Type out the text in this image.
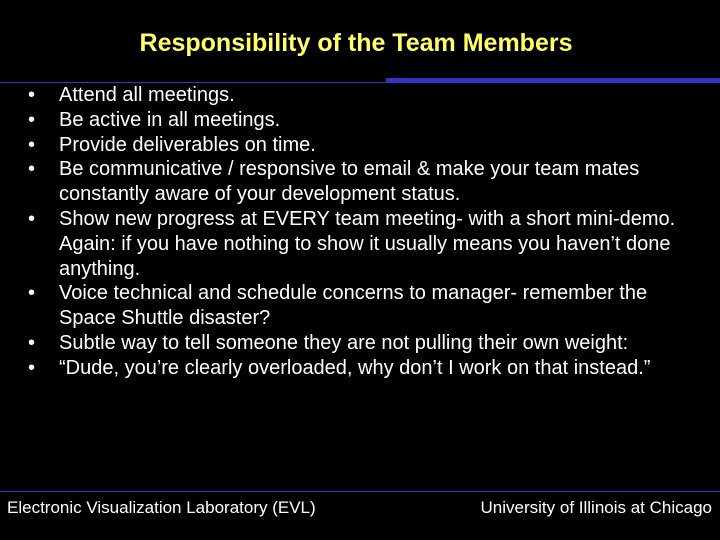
Responsibility of the Team Members
• Attend all meetings.
• Be active in all meetings.
• Provide deliverables on time.
• Be communicative / responsive to email & make your team mates constantly aware of your development status.
• Show new progress at EVERY team meeting- with a short mini-demo. Again: if you have nothing to show it usually means you haven’t done anything.
• Voice technical and schedule concerns to manager- remember the Space Shuttle disaster?
• Subtle way to tell someone they are not pulling their own weight:
• “Dude, you’re clearly overloaded, why don’t I work on that instead.”
Electronic Visualization Laboratory (EVL)	University of Illinois at Chicago
